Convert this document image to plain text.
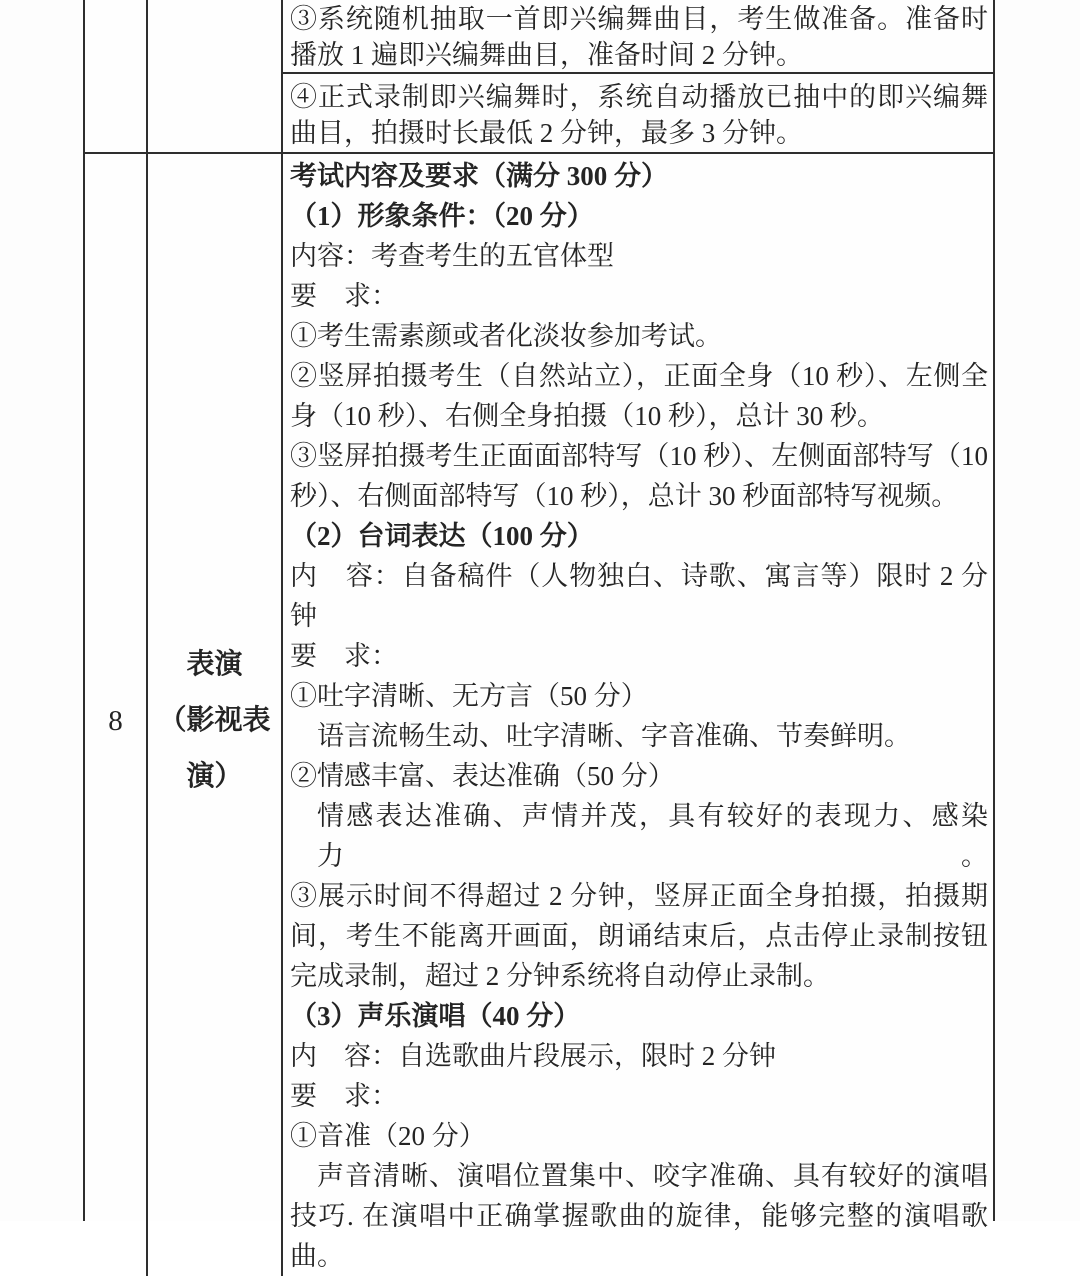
③系统随机抽取一首即兴编舞曲目，考生做准备。准备时
播放 1 遍即兴编舞曲目，准备时间 2 分钟。
④正式录制即兴编舞时，系统自动播放已抽中的即兴编舞
曲目，拍摄时长最低 2 分钟，最多 3 分钟。
8
表演
（影视表
演）
考试内容及要求（满分 300 分）
（1）形象条件：（20 分）
内容：考查考生的五官体型
要　求：
①考生需素颜或者化淡妆参加考试。
②竖屏拍摄考生（自然站立），正面全身（10 秒）、左侧全
身（10 秒）、右侧全身拍摄（10 秒），总计 30 秒。
③竖屏拍摄考生正面面部特写（10 秒）、左侧面部特写（10
秒）、右侧面部特写（10 秒），总计 30 秒面部特写视频。
（2）台词表达（100 分）
内　容：自备稿件（人物独白、诗歌、寓言等）限时 2 分
钟
要　求：
①吐字清晰、无方言（50 分）
语言流畅生动、吐字清晰、字音准确、节奏鲜明。
②情感丰富、表达准确（50 分）
情感表达准确、声情并茂，具有较好的表现力、感染力。
③展示时间不得超过 2 分钟，竖屏正面全身拍摄，拍摄期
间，考生不能离开画面，朗诵结束后，点击停止录制按钮
完成录制，超过 2 分钟系统将自动停止录制。
（3）声乐演唱（40 分）
内　容：自选歌曲片段展示，限时 2 分钟
要　求：
①音准（20 分）
声音清晰、演唱位置集中、咬字准确、具有较好的演唱
技巧. 在演唱中正确掌握歌曲的旋律，能够完整的演唱歌
曲。
